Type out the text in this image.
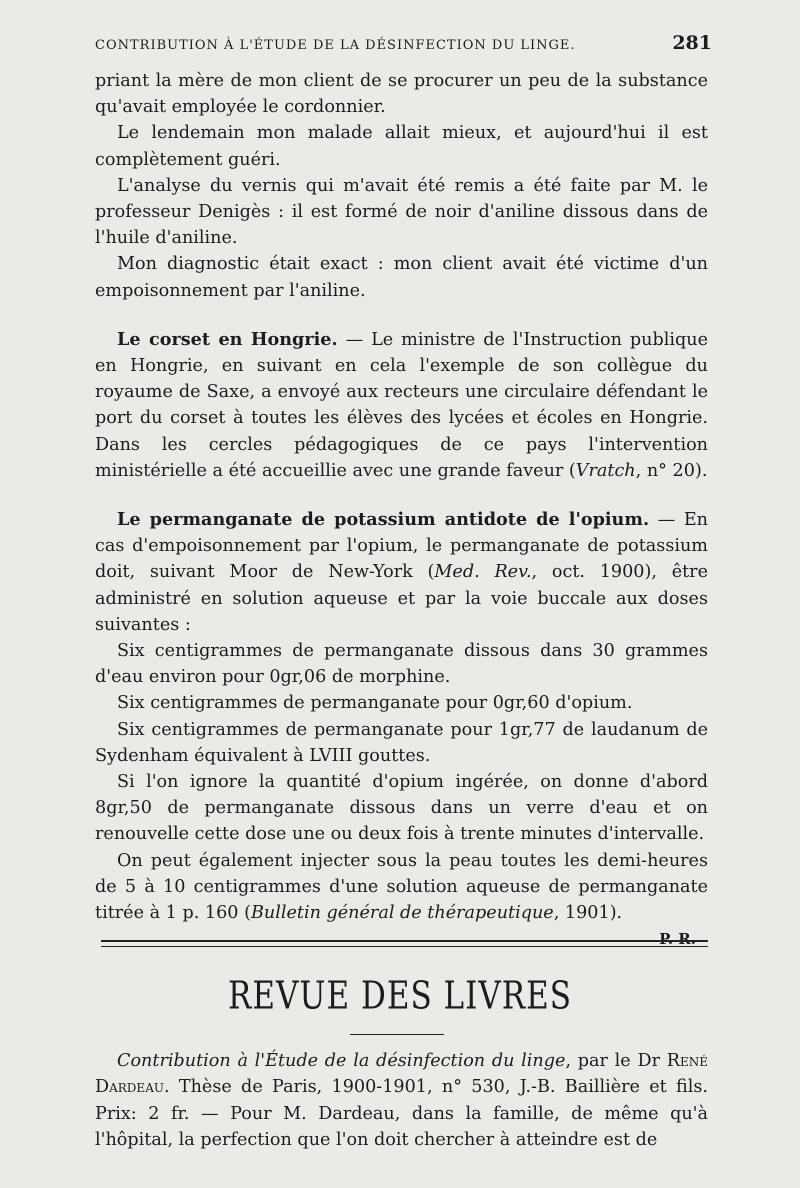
CONTRIBUTION À L'ÉTUDE DE LA DÉSINFECTION DU LINGE.	281

priant la mère de mon client de se procurer un peu de la substance qu'avait employée le cordonnier.

Le lendemain mon malade allait mieux, et aujourd'hui il est complètement guéri.

L'analyse du vernis qui m'avait été remis a été faite par M. le professeur Denigès : il est formé de noir d'aniline dissous dans de l'huile d'aniline.

Mon diagnostic était exact : mon client avait été victime d'un empoisonnement par l'aniline.

Le corset en Hongrie. — Le ministre de l'Instruction publique en Hongrie, en suivant en cela l'exemple de son collègue du royaume de Saxe, a envoyé aux recteurs une circulaire défendant le port du corset à toutes les élèves des lycées et écoles en Hongrie. Dans les cercles pédagogiques de ce pays l'intervention ministérielle a été accueillie avec une grande faveur (Vratch, n° 20).

Le permanganate de potassium antidote de l'opium. — En cas d'empoisonnement par l'opium, le permanganate de potassium doit, suivant Moor de New-York (Med. Rev., oct. 1900), être administré en solution aqueuse et par la voie buccale aux doses suivantes :

Six centigrammes de permanganate dissous dans 30 grammes d'eau environ pour 0gr,06 de morphine.

Six centigrammes de permanganate pour 0gr,60 d'opium.

Six centigrammes de permanganate pour 1gr,77 de laudanum de Sydenham équivalent à LVIII gouttes.

Si l'on ignore la quantité d'opium ingérée, on donne d'abord 8gr,50 de permanganate dissous dans un verre d'eau et on renouvelle cette dose une ou deux fois à trente minutes d'intervalle.

On peut également injecter sous la peau toutes les demi-heures de 5 à 10 centigrammes d'une solution aqueuse de permanganate titrée à 1 p. 160 (Bulletin général de thérapeutique, 1901).

REVUE DES LIVRES

Contribution à l'Étude de la désinfection du linge, par le Dr René Dardeau. Thèse de Paris, 1900-1901, n° 530, J.-B. Baillière et fils. Prix: 2 fr. — Pour M. Dardeau, dans la famille, de même qu'à l'hôpital, la perfection que l'on doit chercher à atteindre est de
